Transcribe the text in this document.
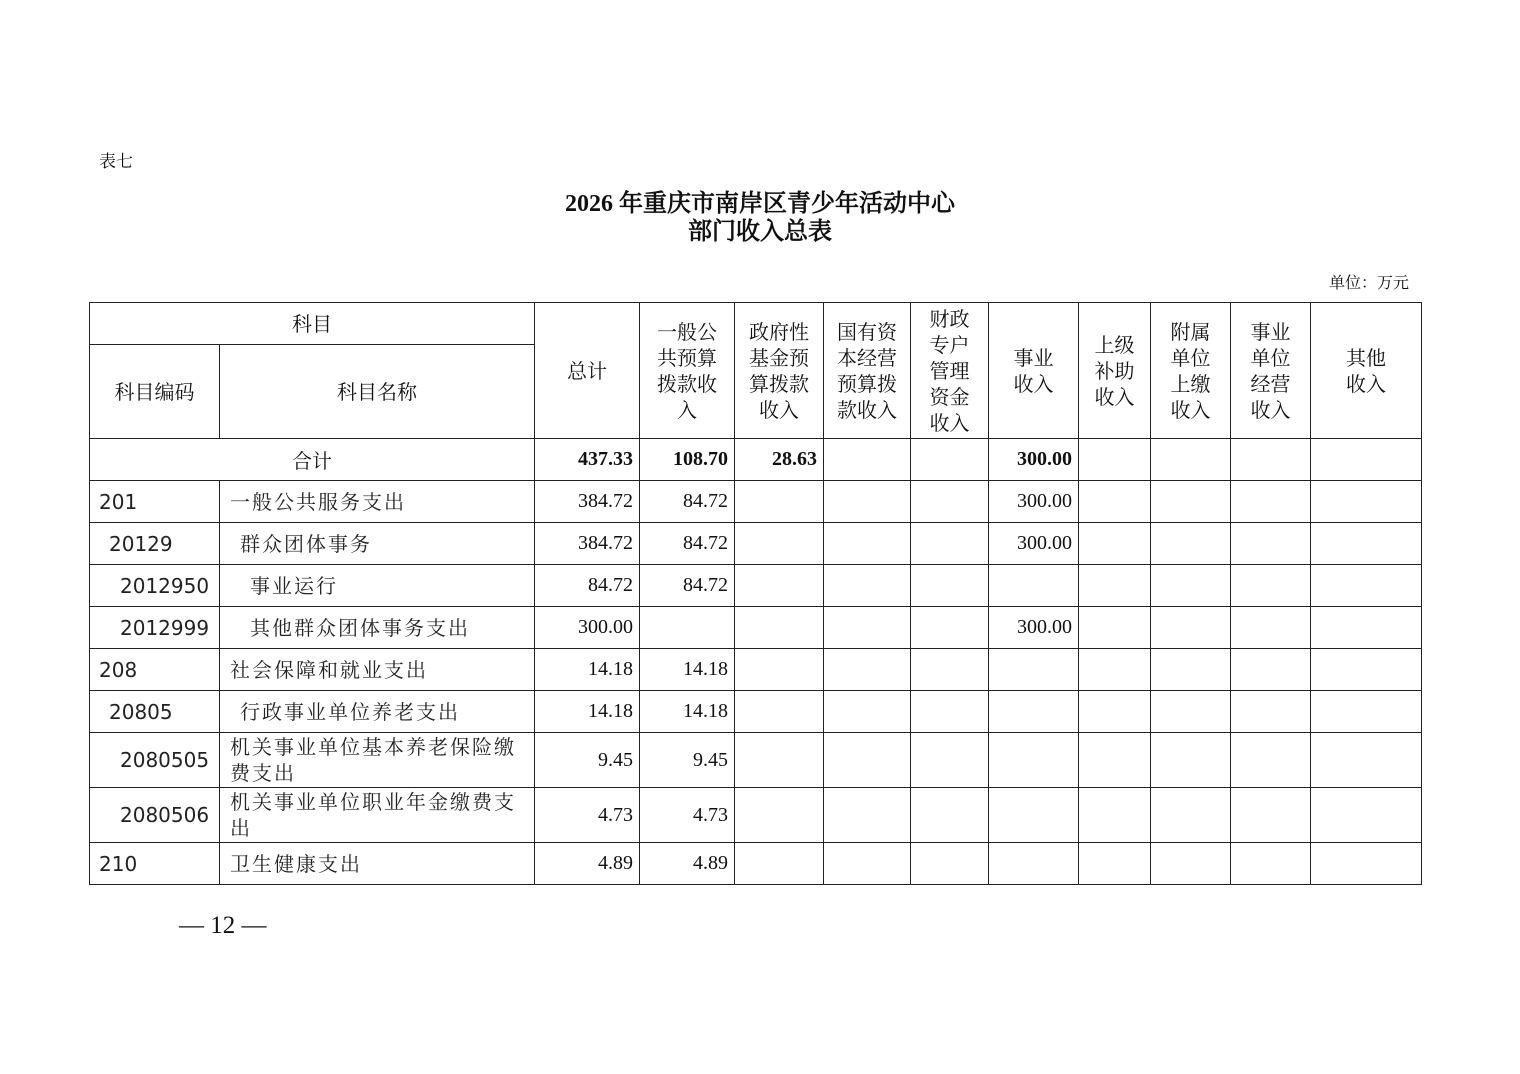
表七
2026 年重庆市南岸区青少年活动中心
部门收入总表
单位：万元
科目		总计	一般公共预算拨款收入	政府性基金预算拨款收入	国有资本经营预算拨款收入	财政专户管理资金收入	事业收入	上级补助收入	附属单位上缴收入	事业单位经营收入	其他收入
科目编码	科目名称										
合计		437.33	108.70	28.63			300.00				
201	一般公共服务支出	384.72	84.72				300.00				
20129	群众团体事务	384.72	84.72				300.00				
2012950	事业运行	84.72	84.72								
2012999	其他群众团体事务支出	300.00					300.00				
208	社会保障和就业支出	14.18	14.18								
20805	行政事业单位养老支出	14.18	14.18								
2080505	机关事业单位基本养老保险缴费支出	9.45	9.45								
2080506	机关事业单位职业年金缴费支出	4.73	4.73								
210	卫生健康支出	4.89	4.89								
— 12 —
